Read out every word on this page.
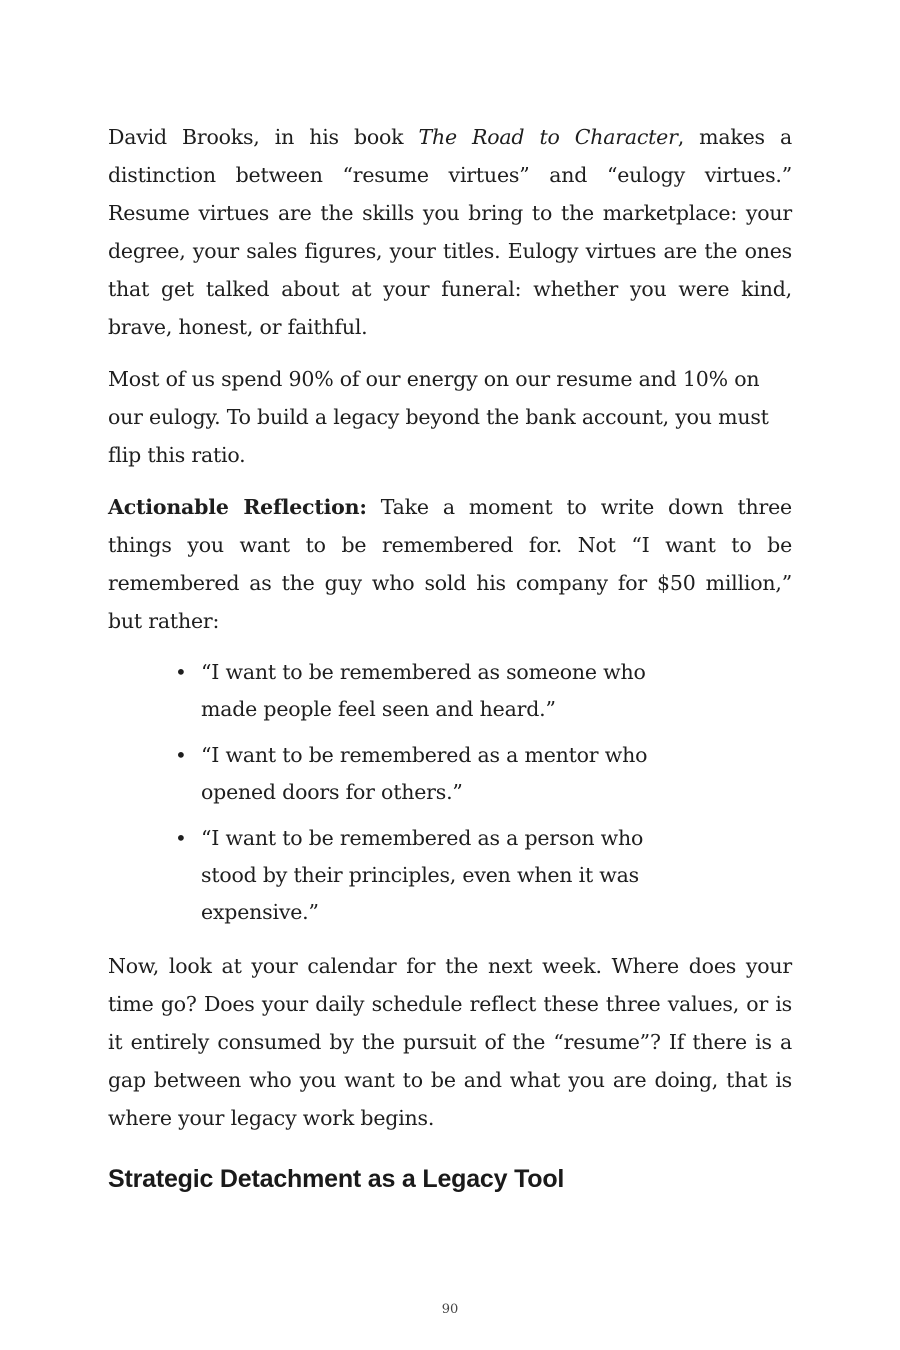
David Brooks, in his book The Road to Character, makes a distinction between “resume virtues” and “eulogy virtues.” Resume virtues are the skills you bring to the marketplace: your degree, your sales figures, your titles. Eulogy virtues are the ones that get talked about at your funeral: whether you were kind, brave, honest, or faithful.

Most of us spend 90% of our energy on our resume and 10% on our eulogy. To build a legacy beyond the bank account, you must flip this ratio.

Actionable Reflection: Take a moment to write down three things you want to be remembered for. Not “I want to be remembered as the guy who sold his company for $50 million,” but rather:

• “I want to be remembered as someone who made people feel seen and heard.”
• “I want to be remembered as a mentor who opened doors for others.”
• “I want to be remembered as a person who stood by their principles, even when it was expensive.”

Now, look at your calendar for the next week. Where does your time go? Does your daily schedule reflect these three values, or is it entirely consumed by the pursuit of the “resume”? If there is a gap between who you want to be and what you are doing, that is where your legacy work begins.

Strategic Detachment as a Legacy Tool
90
